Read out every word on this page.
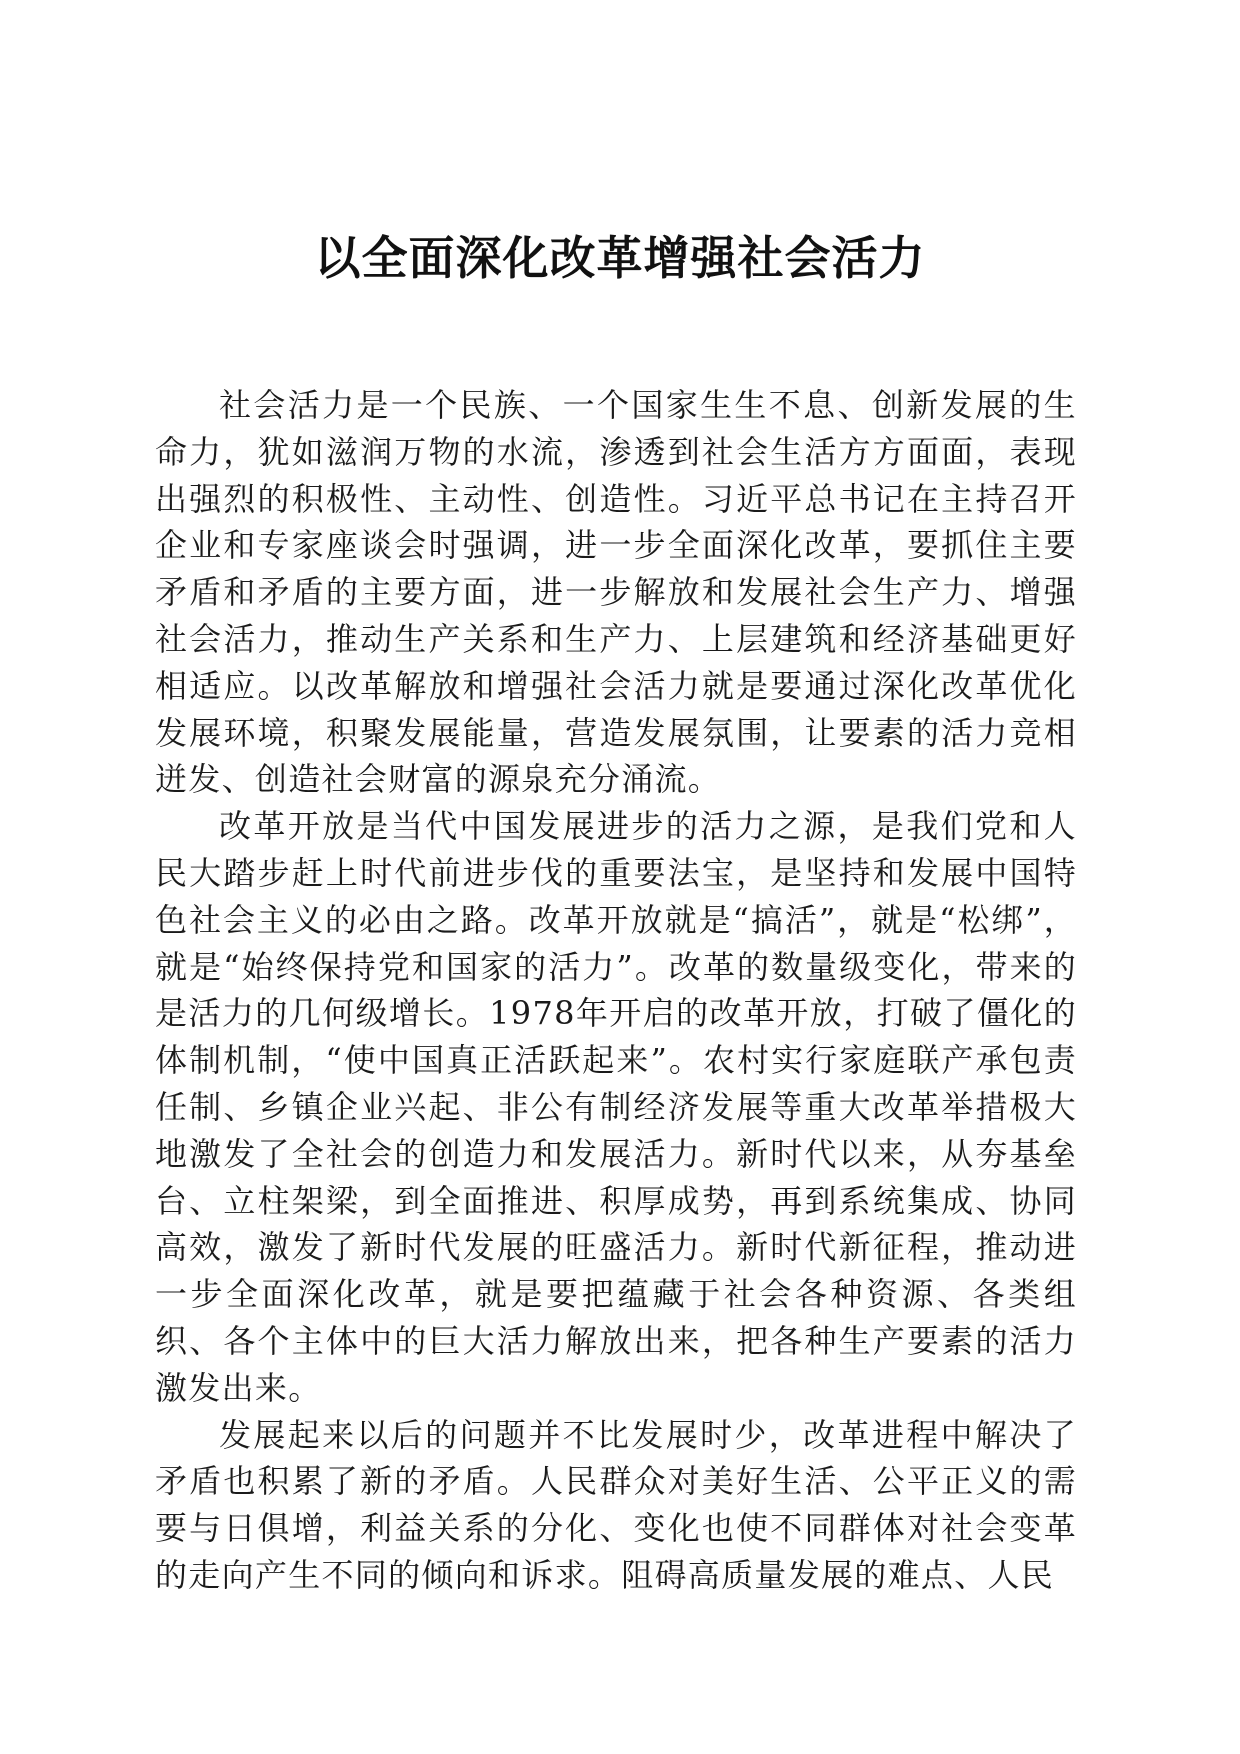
以全面深化改革增强社会活力

社会活力是一个民族、一个国家生生不息、创新发展的生命力，犹如滋润万物的水流，渗透到社会生活方方面面，表现出强烈的积极性、主动性、创造性。习近平总书记在主持召开企业和专家座谈会时强调，进一步全面深化改革，要抓住主要矛盾和矛盾的主要方面，进一步解放和发展社会生产力、增强社会活力，推动生产关系和生产力、上层建筑和经济基础更好相适应。以改革解放和增强社会活力就是要通过深化改革优化发展环境，积聚发展能量，营造发展氛围，让要素的活力竞相迸发、创造社会财富的源泉充分涌流。

改革开放是当代中国发展进步的活力之源，是我们党和人民大踏步赶上时代前进步伐的重要法宝，是坚持和发展中国特色社会主义的必由之路。改革开放就是“搞活”，就是“松绑”，就是“始终保持党和国家的活力”。改革的数量级变化，带来的是活力的几何级增长。1978年开启的改革开放，打破了僵化的体制机制，“使中国真正活跃起来”。农村实行家庭联产承包责任制、乡镇企业兴起、非公有制经济发展等重大改革举措极大地激发了全社会的创造力和发展活力。新时代以来，从夯基垒台、立柱架梁，到全面推进、积厚成势，再到系统集成、协同高效，激发了新时代发展的旺盛活力。新时代新征程，推动进一步全面深化改革，就是要把蕴藏于社会各种资源、各类组织、各个主体中的巨大活力解放出来，把各种生产要素的活力激发出来。

发展起来以后的问题并不比发展时少，改革进程中解决了矛盾也积累了新的矛盾。人民群众对美好生活、公平正义的需要与日俱增，利益关系的分化、变化也使不同群体对社会变革的走向产生不同的倾向和诉求。阻碍高质量发展的难点、人民
